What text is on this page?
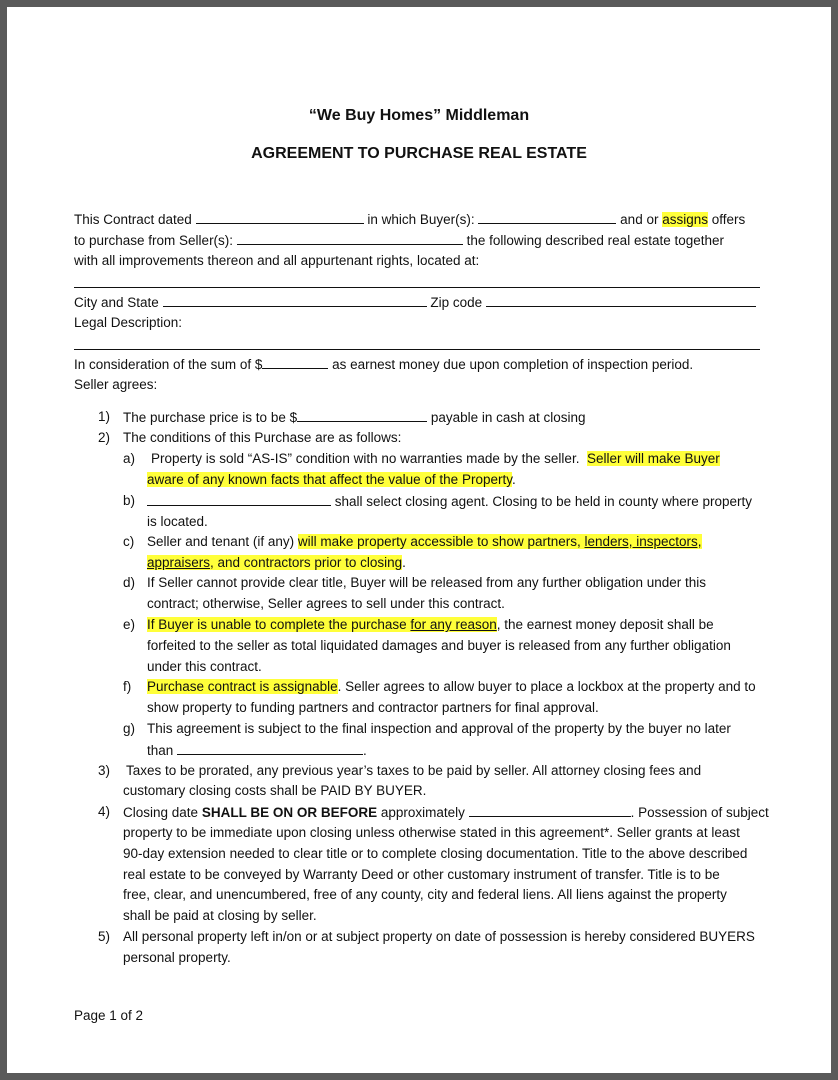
“We Buy Homes” Middleman
AGREEMENT TO PURCHASE REAL ESTATE
This Contract dated	in which Buyer(s):	and or assigns offers
to purchase from Seller(s):	the following described real estate together
with all improvements thereon and all appurtenant rights, located at:
City and State	Zip code
Legal Description:
In consideration of the sum of $	as earnest money due upon completion of inspection period.
Seller agrees:
1) The purchase price is to be $	payable in cash at closing
2) The conditions of this Purchase are as follows:
a) Property is sold “AS-IS” condition with no warranties made by the seller. Seller will make Buyer
aware of any known facts that affect the value of the Property.
b)	shall select closing agent. Closing to be held in county where property
is located.
c) Seller and tenant (if any) will make property accessible to show partners, lenders, inspectors,
appraisers, and contractors prior to closing.
d) If Seller cannot provide clear title, Buyer will be released from any further obligation under this
contract; otherwise, Seller agrees to sell under this contract.
e) If Buyer is unable to complete the purchase for any reason, the earnest money deposit shall be
forfeited to the seller as total liquidated damages and buyer is released from any further obligation
under this contract.
f) Purchase contract is assignable. Seller agrees to allow buyer to place a lockbox at the property and to
show property to funding partners and contractor partners for final approval.
g) This agreement is subject to the final inspection and approval of the property by the buyer no later
than	.
3) Taxes to be prorated, any previous year’s taxes to be paid by seller. All attorney closing fees and
customary closing costs shall be PAID BY BUYER.
4) Closing date SHALL BE ON OR BEFORE approximately	. Possession of subject
property to be immediate upon closing unless otherwise stated in this agreement*. Seller grants at least
90-day extension needed to clear title or to complete closing documentation. Title to the above described
real estate to be conveyed by Warranty Deed or other customary instrument of transfer. Title is to be
free, clear, and unencumbered, free of any county, city and federal liens. All liens against the property
shall be paid at closing by seller.
5) All personal property left in/on or at subject property on date of possession is hereby considered BUYERS
personal property.
Page 1 of 2
